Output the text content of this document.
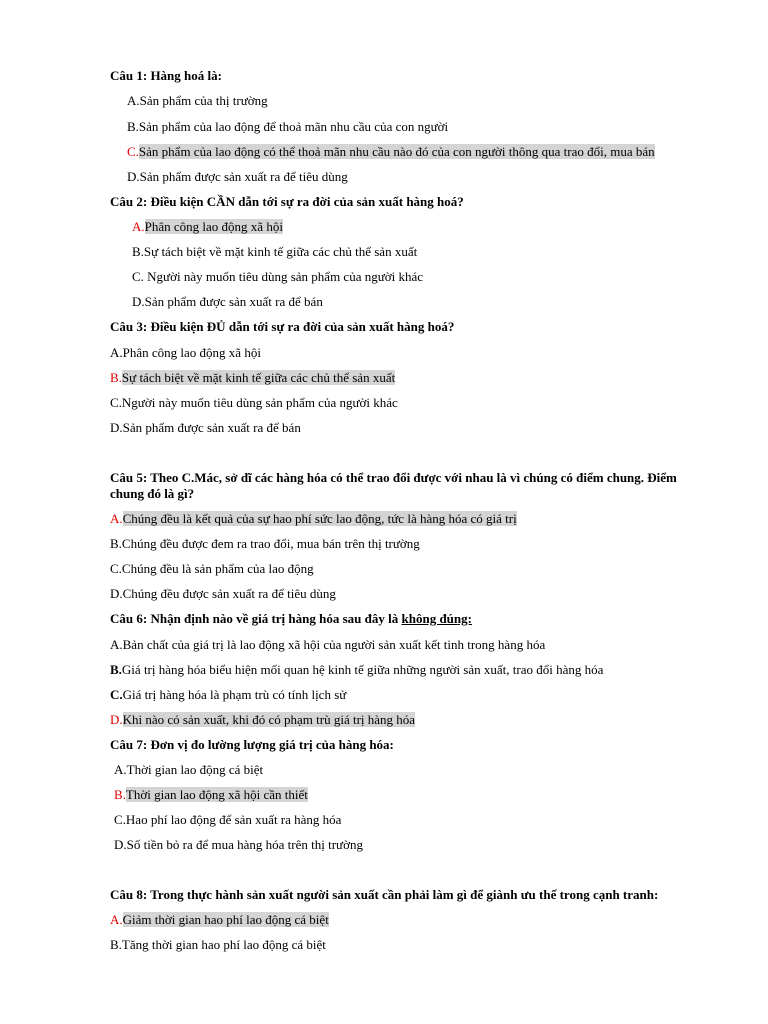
Câu 1: Hàng hoá là:
A.Sản phẩm của thị trường
B.Sản phẩm của lao động để thoả mãn nhu cầu của con người
C.Sản phẩm của lao động có thể thoả mãn nhu cầu nào đó của con người thông qua trao đổi, mua bán
D.Sản phẩm được sản xuất ra để tiêu dùng
Câu 2: Điều kiện CẦN dẫn tới sự ra đời của sản xuất hàng hoá?
A.Phân công lao động xã hội
B.Sự tách biệt về mặt kinh tế giữa các chủ thể sản xuất
C. Người này muốn tiêu dùng sản phẩm của người khác
D.Sản phẩm được sản xuất ra để bán
Câu 3: Điều kiện ĐỦ dẫn tới sự ra đời của sản xuất hàng hoá?
A.Phân công lao động xã hội
B.Sự tách biệt về mặt kinh tế giữa các chủ thể sản xuất
C.Người này muốn tiêu dùng sản phẩm của người khác
D.Sản phẩm được sản xuất ra để bán
Câu 5: Theo C.Mác, sở dĩ các hàng hóa có thể trao đổi được với nhau là vì chúng có điểm chung. Điểm chung đó là gì?
A.Chúng đều là kết quả của sự hao phí sức lao động, tức là hàng hóa có giá trị
B.Chúng đều được đem ra trao đổi, mua bán trên thị trường
C.Chúng đều là sản phẩm của lao động
D.Chúng đều được sản xuất ra để tiêu dùng
Câu 6: Nhận định nào về giá trị hàng hóa sau đây là không đúng:
A.Bản chất của giá trị là lao động xã hội của người sản xuất kết tinh trong hàng hóa
B.Giá trị hàng hóa biểu hiện mối quan hệ kinh tế giữa những người sản xuất, trao đổi hàng hóa
C.Giá trị hàng hóa là phạm trù có tính lịch sử
D.Khi nào có sản xuất, khi đó có phạm trù giá trị hàng hóa
Câu 7: Đơn vị đo lường lượng giá trị của hàng hóa:
A.Thời gian lao động cá biệt
B.Thời gian lao động xã hội cần thiết
C.Hao phí lao động để sản xuất ra hàng hóa
D.Số tiền bỏ ra để mua hàng hóa trên thị trường
Câu 8: Trong thực hành sản xuất người sản xuất cần phải làm gì để giành ưu thế trong cạnh tranh:
A.Giảm thời gian hao phí lao động cá biệt
B.Tăng thời gian hao phí lao động cá biệt
